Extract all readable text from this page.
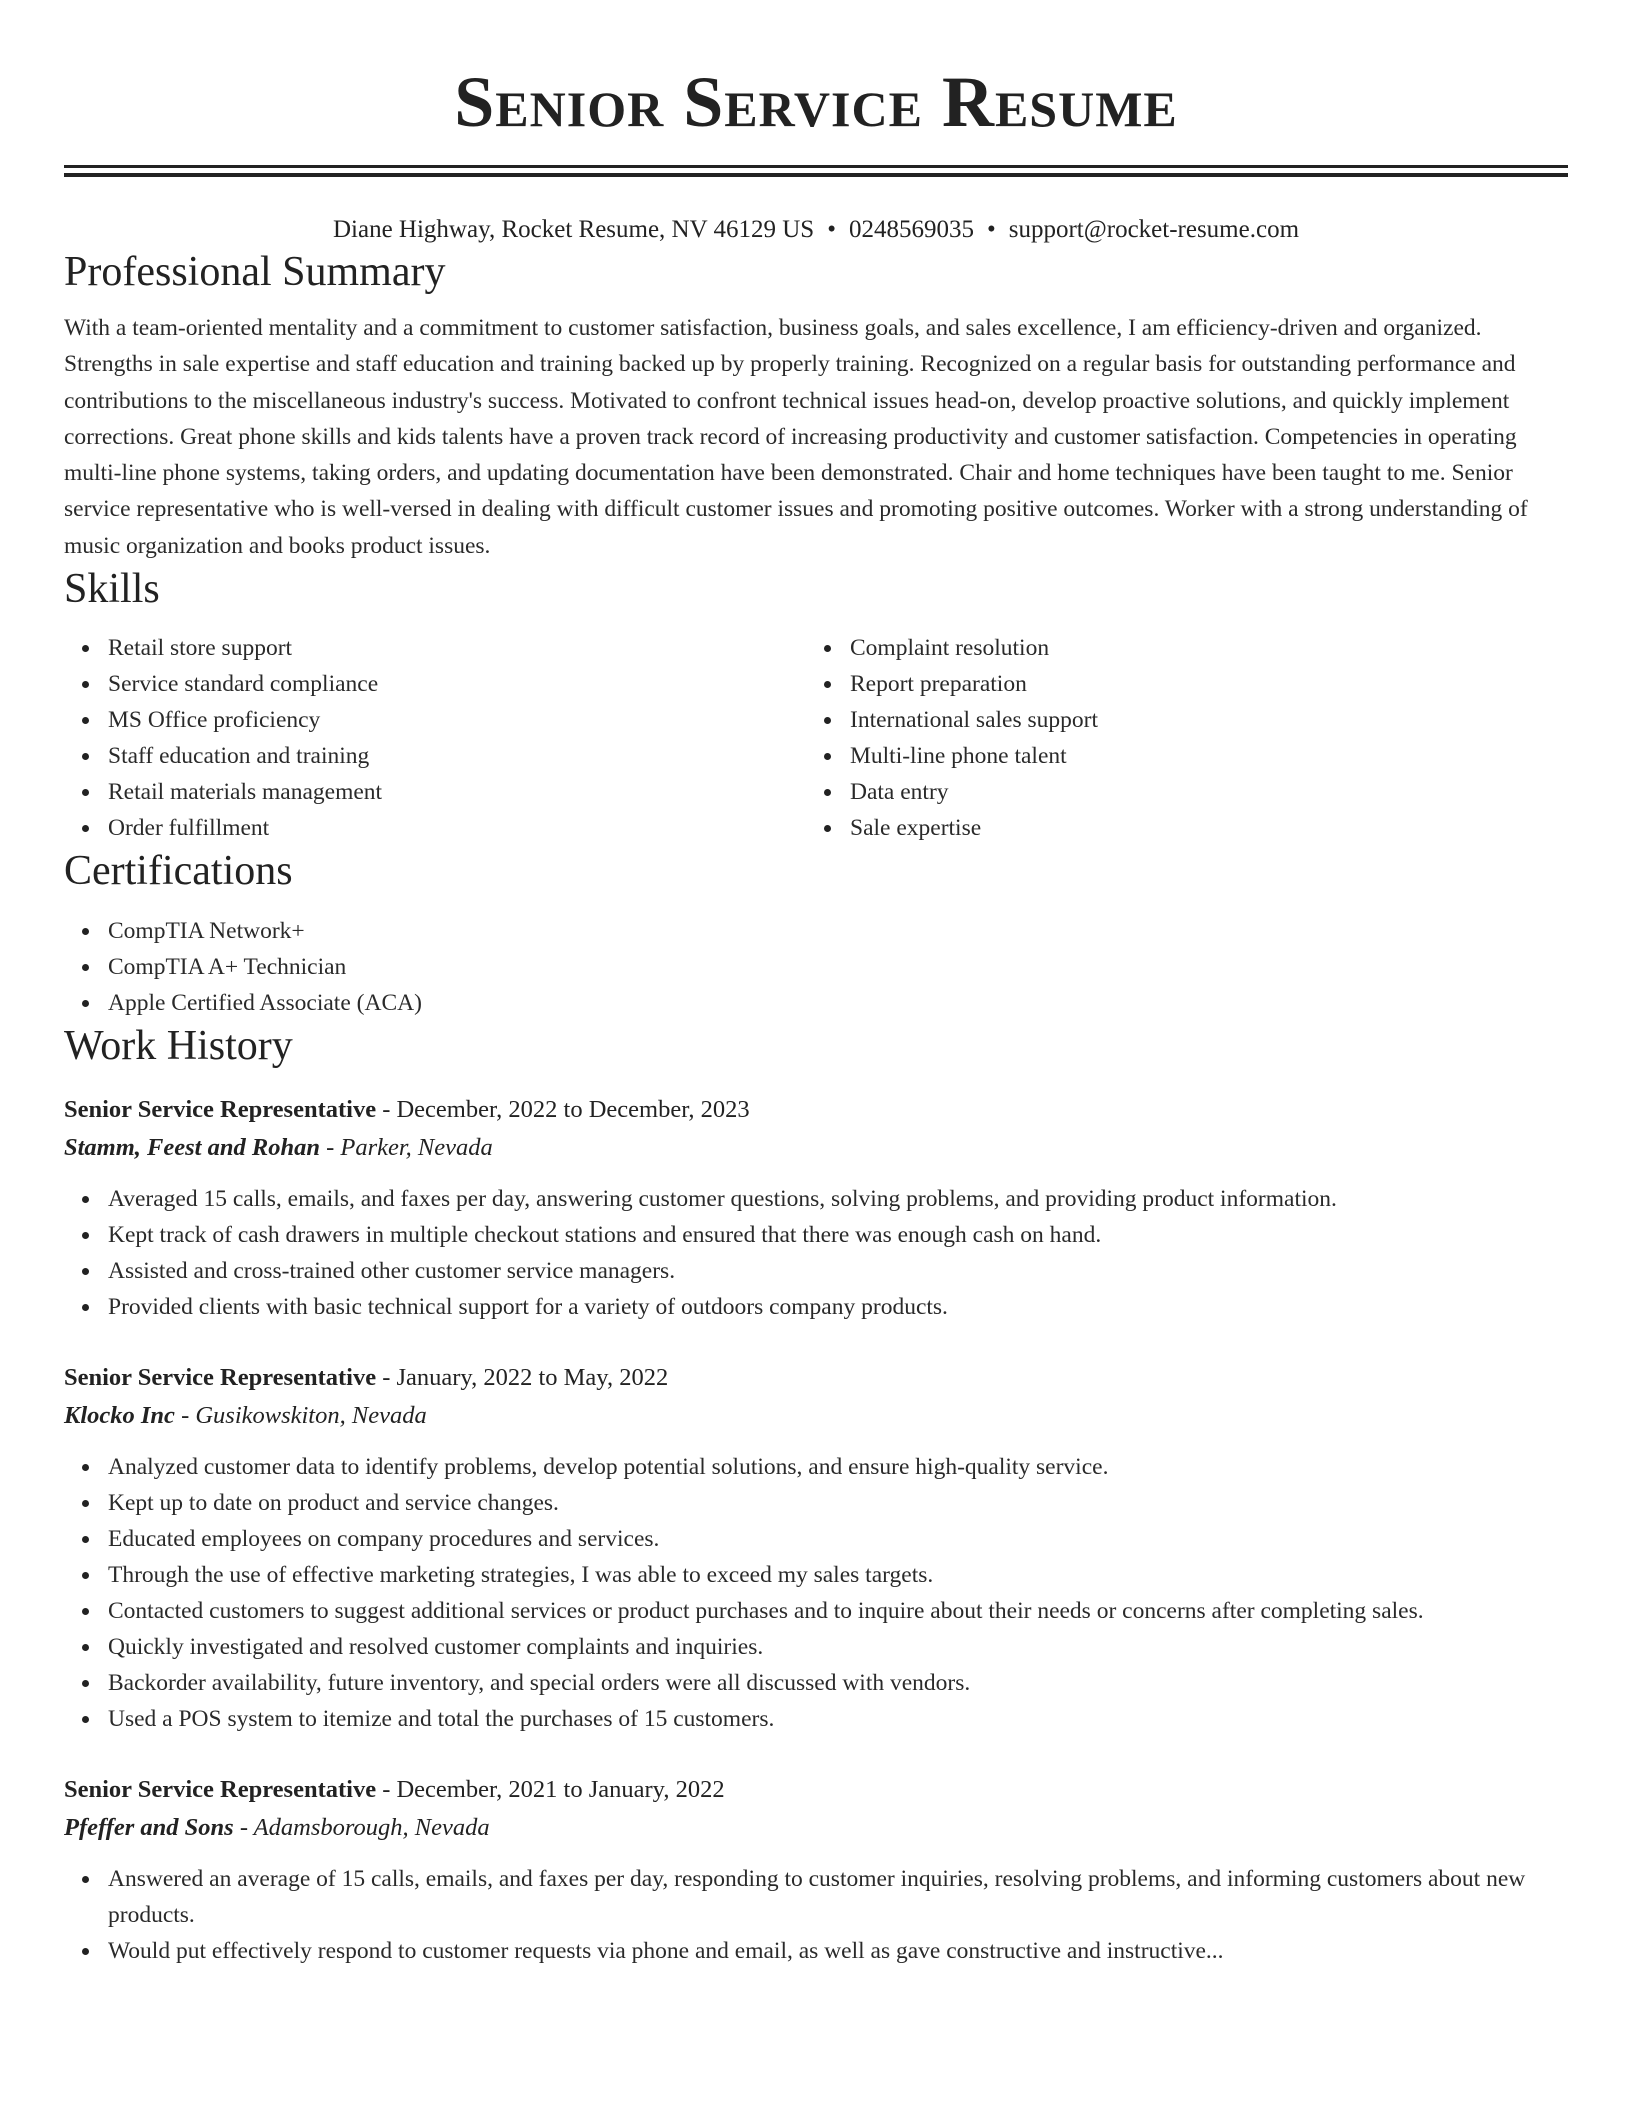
Senior Service Resume
Diane Highway, Rocket Resume, NV 46129 US • 0248569035 • support@rocket-resume.com
Professional Summary

With a team-oriented mentality and a commitment to customer satisfaction, business goals, and sales excellence, I am efficiency-driven and organized. Strengths in sale expertise and staff education and training backed up by properly training. Recognized on a regular basis for outstanding performance and contributions to the miscellaneous industry's success. Motivated to confront technical issues head-on, develop proactive solutions, and quickly implement corrections. Great phone skills and kids talents have a proven track record of increasing productivity and customer satisfaction. Competencies in operating multi-line phone systems, taking orders, and updating documentation have been demonstrated. Chair and home techniques have been taught to me. Senior service representative who is well-versed in dealing with difficult customer issues and promoting positive outcomes. Worker with a strong understanding of music organization and books product issues.

Skills
Retail store support
Service standard compliance
MS Office proficiency
Staff education and training
Retail materials management
Order fulfillment
Complaint resolution
Report preparation
International sales support
Multi-line phone talent
Data entry
Sale expertise
Certifications
CompTIA Network+
CompTIA A+ Technician
Apple Certified Associate (ACA)
Work History
Senior Service Representative - December, 2022 to December, 2023
Stamm, Feest and Rohan - Parker, Nevada
Averaged 15 calls, emails, and faxes per day, answering customer questions, solving problems, and providing product information.
Kept track of cash drawers in multiple checkout stations and ensured that there was enough cash on hand.
Assisted and cross-trained other customer service managers.
Provided clients with basic technical support for a variety of outdoors company products.
Senior Service Representative - January, 2022 to May, 2022
Klocko Inc - Gusikowskiton, Nevada
Analyzed customer data to identify problems, develop potential solutions, and ensure high-quality service.
Kept up to date on product and service changes.
Educated employees on company procedures and services.
Through the use of effective marketing strategies, I was able to exceed my sales targets.
Contacted customers to suggest additional services or product purchases and to inquire about their needs or concerns after completing sales.
Quickly investigated and resolved customer complaints and inquiries.
Backorder availability, future inventory, and special orders were all discussed with vendors.
Used a POS system to itemize and total the purchases of 15 customers.
Senior Service Representative - December, 2021 to January, 2022
Pfeffer and Sons - Adamsborough, Nevada
Answered an average of 15 calls, emails, and faxes per day, responding to customer inquiries, resolving problems, and informing customers about new products.
Would put effectively respond to customer requests via phone and email, as well as gave constructive and instructive...
